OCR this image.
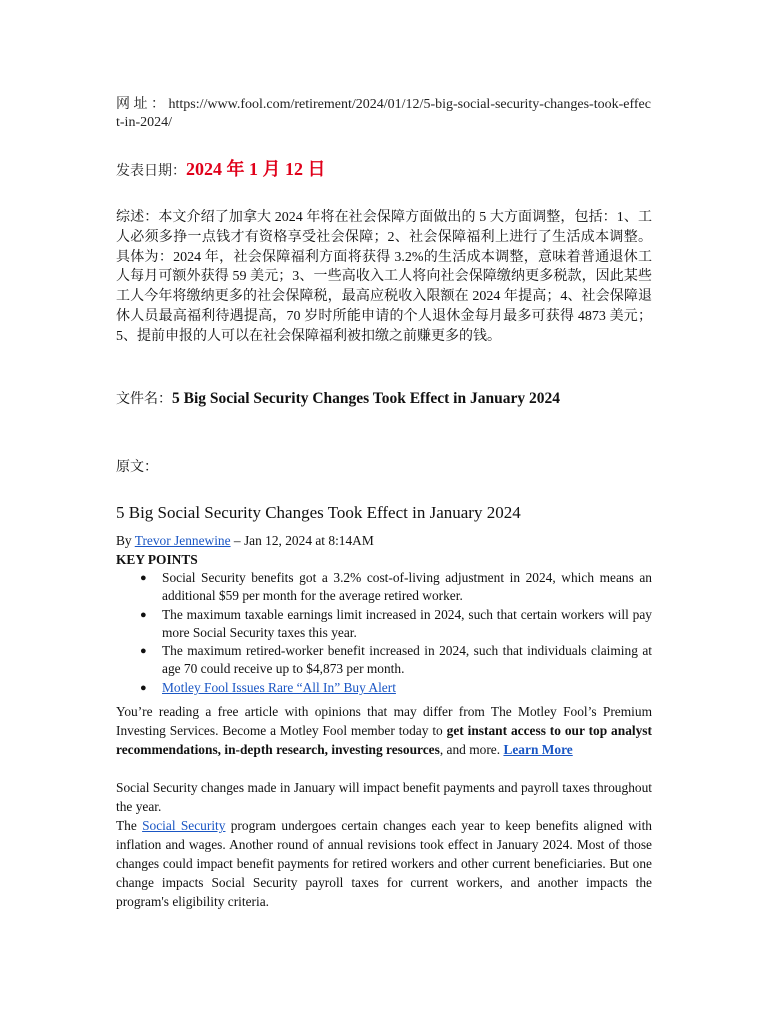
网 址 ： https://www.fool.com/retirement/2024/01/12/5-big-social-security-changes-took-effect-in-2024/
发表日期：2024 年 1 月 12 日
综述：本文介绍了加拿大 2024 年将在社会保障方面做出的 5 大方面调整，包括：1、工人必须多挣一点钱才有资格享受社会保障；2、社会保障福利上进行了生活成本调整。具体为：2024 年，社会保障福利方面将获得 3.2%的生活成本调整，意味着普通退休工人每月可额外获得 59 美元；3、一些高收入工人将向社会保障缴纳更多税款，因此某些工人今年将缴纳更多的社会保障税，最高应税收入限额在 2024 年提高；4、社会保障退休人员最高福利待遇提高，70 岁时所能申请的个人退休金每月最多可获得 4873 美元；5、提前申报的人可以在社会保障福利被扣缴之前赚更多的钱。
文件名：5 Big Social Security Changes Took Effect in January 2024
原文：
5 Big Social Security Changes Took Effect in January 2024
By Trevor Jennewine – Jan 12, 2024 at 8:14AM
KEY POINTS
● Social Security benefits got a 3.2% cost-of-living adjustment in 2024, which means an additional $59 per month for the average retired worker.
● The maximum taxable earnings limit increased in 2024, such that certain workers will pay more Social Security taxes this year.
● The maximum retired-worker benefit increased in 2024, such that individuals claiming at age 70 could receive up to $4,873 per month.
● Motley Fool Issues Rare “All In” Buy Alert
You’re reading a free article with opinions that may differ from The Motley Fool’s Premium Investing Services. Become a Motley Fool member today to get instant access to our top analyst recommendations, in-depth research, investing resources, and more. Learn More
Social Security changes made in January will impact benefit payments and payroll taxes throughout the year.
The Social Security program undergoes certain changes each year to keep benefits aligned with inflation and wages. Another round of annual revisions took effect in January 2024. Most of those changes could impact benefit payments for retired workers and other current beneficiaries. But one change impacts Social Security payroll taxes for current workers, and another impacts the program's eligibility criteria.
